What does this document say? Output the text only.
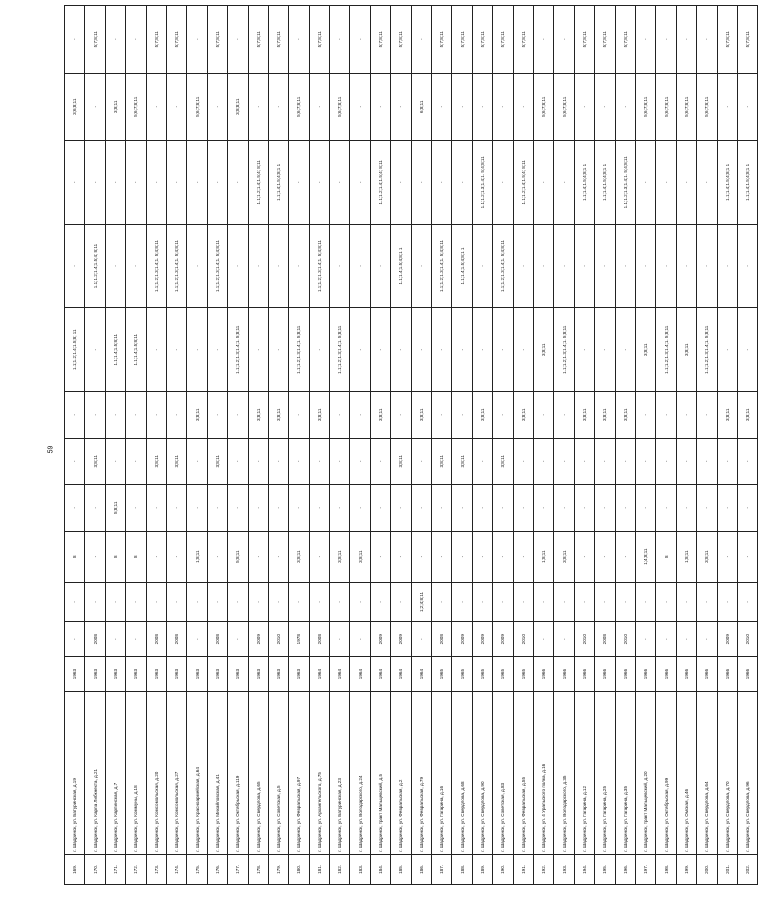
59
169.	г. Шадринск, ул. Батуринская, д.19	1963	-	-	8	-	-	-	1.1;1.2;1.4;1.5;8; 11	-	-	3;6;8;11	-
170.	г. Шадринск, ул. Карла Либкнехта, д.21	1963	2008	-	-	-	3;8;11	-	-	1.1;1.2;1.4;1.5;4; 8;11	-	-	5;7;8;11
171.	г. Шадринск, ул. Карпинская, д.7	1963	-	-	8	5;8;11	-	-	1.1;1.4;1.5;8;11	-	-	3;8;11	-
172.	г. Шадринск, ул. Коммуны, д.18	1963	-	-	8	-	-	-	1.1;1.4;1.5;8;11	-	-	5;6;7;8;11	-
173.	г. Шадринск, ул. Комсомольская, д.20	1963	2008	-	-	-	3;8;11	-	-	1.1;1.2;1.3;1.4;1. 5;4;8;11	-	-	5;7;8;11
174.	г. Шадринск, ул. Комсомольская, д.27	1963	2008	-	-	-	3;8;11	-	-	1.1;1.2;1.3;1.4;1. 5;4;8;11	-	-	5;7;8;11
175.	г. Шадринск, ул. Красноармейская, д.64	1963	-	-	1;8;11	-	-	3;8;11	-	-	-	5;6;7;8;11	-
176.	г. Шадринск, ул. Михайловская, д.41	1963	2008	-	-	-	3;8;11	-	-	1.1;1.2;1.3;1.4;1. 5;4;8;11	-	-	5;7;8;11
177.	г. Шадринск, ул. Октябрьская, д.119	1963	-	-	5;8;11	-	-	-	1.1;1.2;1.3;1.4;1. 5;8;11	-	-	3;8;8;11	-
178.	г. Шадринск, ул. Свердлова, д.65	1963	2009	-	-	-	-	3;8;11	-	-	1.1;1.2;1.4;1.5;4; 8;11	-	5;7;8;11
179.	г. Шадринск, ул. Советская, д.5	1963	2010	-	-	-	-	3;8;11	-	-	1.1;1.4;1.5;4;8;1 1	-	5;7;8;11
180.	г. Шадринск, ул. Февральская, д.97	1963	1978	-	3;8;11	-	-	-	1.1;1.2;1.3;1.4;1. 5;8;11	-	-	5;6;7;8;11	-
181.	г. Шадринск, ул. Архангельского, д.75	1964	2008	-	-	-	-	3;8;11	-	1.1;1.2;1.3;1.4;1. 5;4;8;11	-	-	5;7;8;11
182.	г. Шадринск, ул. Батуринская, д.23	1964	-	-	3;8;11	-	-	-	1.1;1.2;1.3;1.4;1. 5;8;11	-	-	5;6;7;8;11	-
183.	г. Шадринск, ул. Володарского, д.24	1964	-	-	3;8;11	-	-	-	-	-	-	-	-
184.	г. Шадринск, тракт Мальцевский, д.5	1964	2009	-	-	-	-	3;8;11	-	-	1.1;1.2;1.4;1.5;4; 8;11	-	5;7;8;11
185.	г. Шадринск, ул. Февральская, д.2	1964	2009	-	-	-	3;8;11	-	-	1.1;1.4;1.5;4;8;1 1	-	-	5;7;8;11
186.	г. Шадринск, ул. Февральская, д.79	1964	-	1;2;4;8;11	-	-	-	3;8;11	-	-	-	6;8;11	-
187.	г. Шадринск, ул. Гагарина, д.16	1965	2008	-	-	-	3;8;11	-	-	1.1;1.2;1.3;1.4;1. 5;4;8;11	-	-	5;7;8;11
188.	г. Шадринск, ул. Свердлова, д.68	1965	2009	-	-	-	3;8;11	-	-	1.1;1.4;1.5;4;8;1 1	-	-	5;7;8;11
189.	г. Шадринск, ул. Свердлова, д.90	1965	2009	-	-	-	-	3;8;11	-	-	1.1;1.2;1.3;1.4;1. 5;4;8;11	-	5;7;8;11
190.	г. Шадринск, ул. Советская, д.83	1965	2009	-	-	-	3;8;11	-	-	1.1;1.2;1.3;1.4;1. 5;4;8;11	-	-	5;7;8;11
191.	г. Шадринск, ул. Февральская, д.55	1965	2010	-	-	-	-	3;8;11	-	-	1.1;1.2;1.4;1.5;4; 8;11	-	5;7;8;11
192.	г. Шадринск, ул. 4 Уральского полка, д.16	1966	-	-	1;8;11	-	-	-	3;8;11	-	-	5;6;7;8;11	-
193.	г. Шадринск, ул. Володарского, д.35	1966	-	-	3;8;11	-	-	-	1.1;1.2;1.3;1.4;1. 5;8;11	-	-	5;6;7;8;11	-
194.	г. Шадринск, ул. Гагарина, д.12	1966	2010	-	-	-	-	3;8;11	-	-	1.1;1.4;1.5;4;8;1 1	-	5;7;8;11
195.	г. Шадринск, ул. Гагарина, д.25	1966	2008	-	-	-	-	3;8;11	-	-	1.1;1.4;1.5;4;8;1 1	-	5;7;8;11
196.	г. Шадринск, ул. Гагарина, д.35	1966	2010	-	-	-	-	3;8;11	-	-	1.1;1.2;1.3;1.4;1. 5;4;8;11	-	5;7;8;11
197.	г. Шадринск, тракт Мальцевский, д.20	1966	-	-	1;4;8;11	-	-	-	3;8;11	-	-	5;6;7;8;11	-
198.	г. Шадринск, ул. Октябрьская, д.99	1966	-	-	8	-	-	-	1.1;1.2;1.3;1.4;1. 5;8;11	-	-	5;6;7;8;11	-
199.	г. Шадринск, ул. Омская, д.46	1966	-	-	1;8;11	-	-	-	3;8;11	-	-	5;6;7;8;11	-
200.	г. Шадринск, ул. Свердлова, д.64	1966	-	-	3;8;11	-	-	-	1.1;1.2;1.3;1.4;1. 5;8;11	-	-	5;6;7;8;11	-
201.	г. Шадринск, ул. Свердлова, д.70	1966	2009	-	-	-	-	3;8;11	-	-	1.1;1.4;1.5;4;8;1 1	-	5;7;8;11
202.	г. Шадринск, ул. Свердлова, д.96	1966	2010	-	-	-	-	3;8;11	-	-	1.1;1.4;1.5;4;8;1 1	-	5;7;8;11
